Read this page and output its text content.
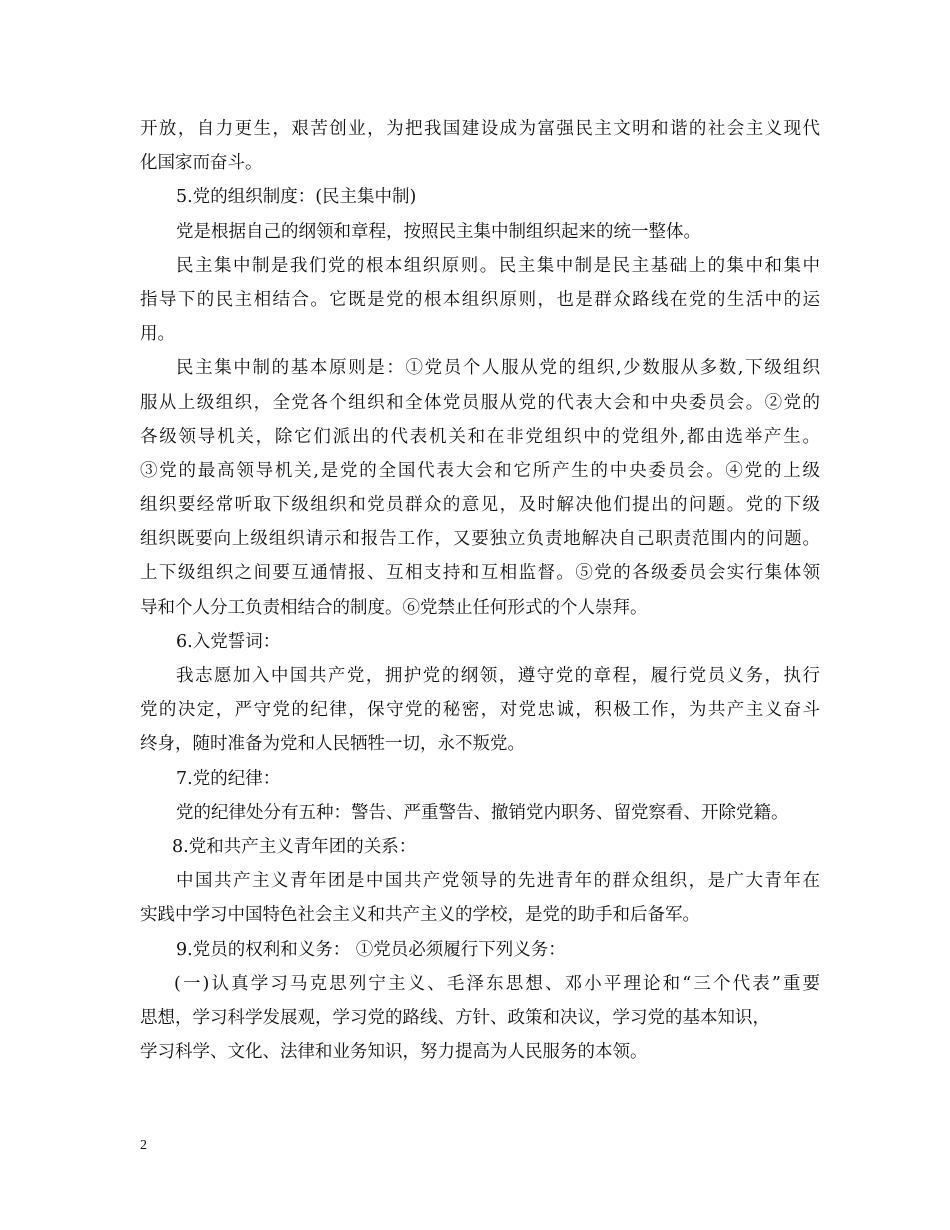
开放，自力更生，艰苦创业，为把我国建设成为富强民主文明和谐的社会主义现代
化国家而奋斗。
5.党的组织制度：(民主集中制)
党是根据自己的纲领和章程，按照民主集中制组织起来的统一整体。
民主集中制是我们党的根本组织原则。民主集中制是民主基础上的集中和集中
指导下的民主相结合。它既是党的根本组织原则，也是群众路线在党的生活中的运
用。
民主集中制的基本原则是：①党员个人服从党的组织,少数服从多数,下级组织
服从上级组织，全党各个组织和全体党员服从党的代表大会和中央委员会。②党的
各级领导机关，除它们派出的代表机关和在非党组织中的党组外,都由选举产生。
③党的最高领导机关,是党的全国代表大会和它所产生的中央委员会。④党的上级
组织要经常听取下级组织和党员群众的意见，及时解决他们提出的问题。党的下级
组织既要向上级组织请示和报告工作，又要独立负责地解决自己职责范围内的问题。
上下级组织之间要互通情报、互相支持和互相监督。⑤党的各级委员会实行集体领
导和个人分工负责相结合的制度。⑥党禁止任何形式的个人崇拜。
6.入党誓词：
我志愿加入中国共产党，拥护党的纲领，遵守党的章程，履行党员义务，执行
党的决定，严守党的纪律，保守党的秘密，对党忠诚，积极工作，为共产主义奋斗
终身，随时准备为党和人民牺牲一切，永不叛党。
7.党的纪律：
党的纪律处分有五种：警告、严重警告、撤销党内职务、留党察看、开除党籍。
8.党和共产主义青年团的关系：
中国共产主义青年团是中国共产党领导的先进青年的群众组织，是广大青年在
实践中学习中国特色社会主义和共产主义的学校，是党的助手和后备军。
9.党员的权利和义务： ①党员必须履行下列义务：
(一)认真学习马克思列宁主义、毛泽东思想、邓小平理论和“三个代表”重要
思想，学习科学发展观，学习党的路线、方针、政策和决议，学习党的基本知识，
学习科学、文化、法律和业务知识，努力提高为人民服务的本领。
2
